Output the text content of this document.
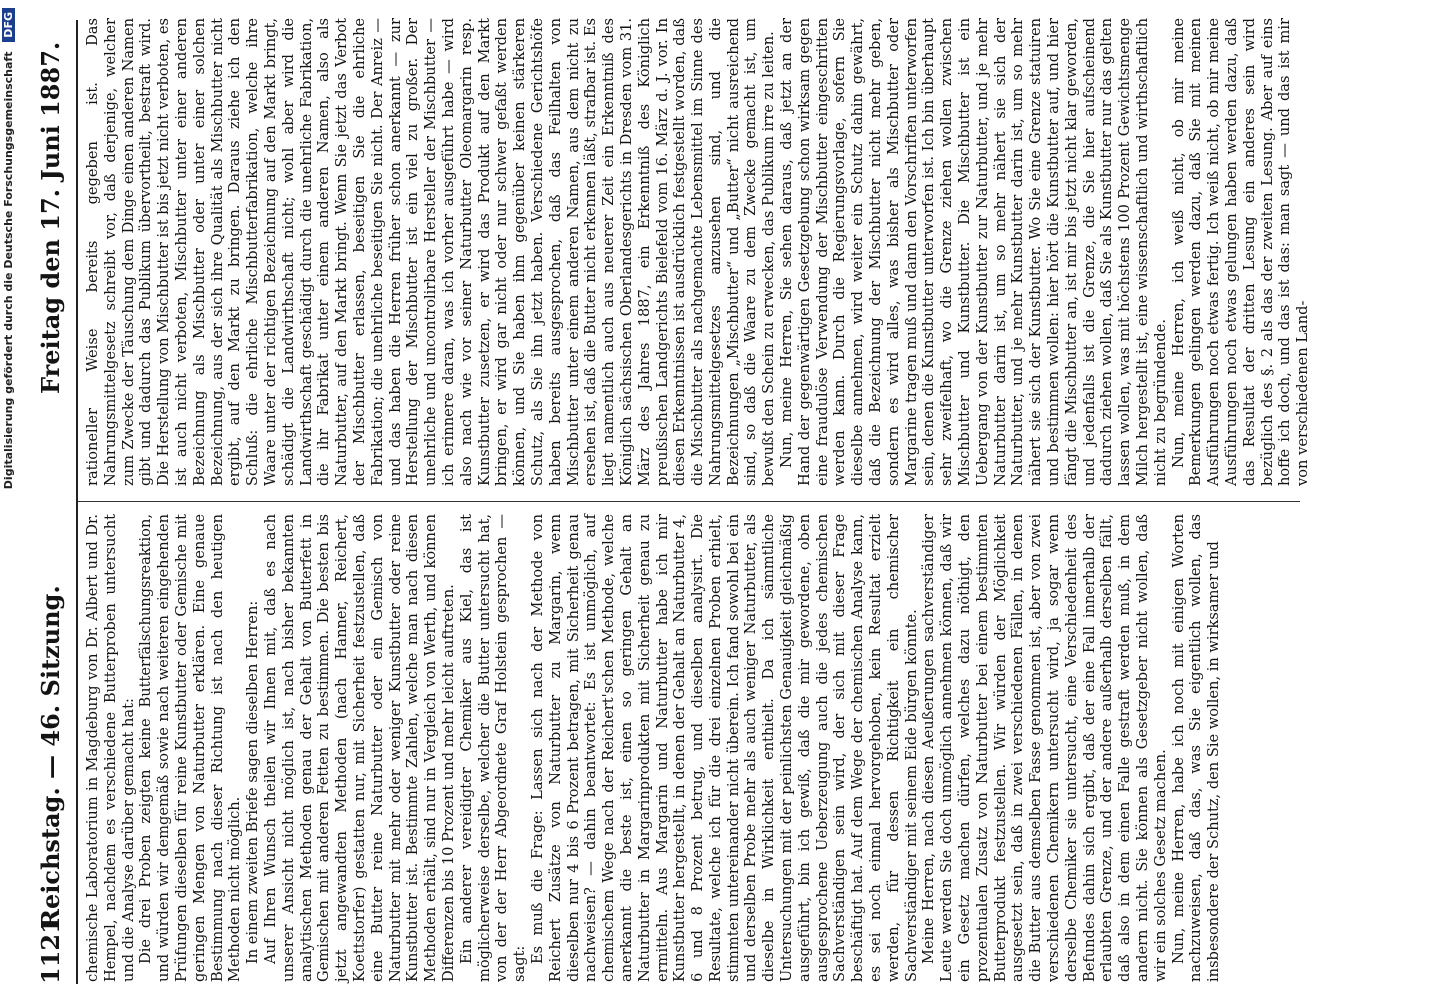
1121
Reichstag. — 46. Sitzung.
Freitag den 17. Juni 1887.

chemische Laboratorium in Magdeburg von Dr. Albert und Dr. Hempel, nachdem es verschiedene Butterproben untersucht und die Analyse darüber gemacht hat: Die drei Proben zeigten keine Butterfälschungsreaktion, und würden wir demgemäß sowie nach weiteren eingehenden Prüfungen dieselben für reine Kunstbutter oder Gemische mit geringen Mengen von Naturbutter erklären. Eine genaue Bestimmung nach dieser Richtung ist nach den heutigen Methoden nicht möglich. In einem zweiten Briefe sagen dieselben Herren: Auf Ihren Wunsch theilen wir Ihnen mit, daß es nach unserer Ansicht nicht möglich ist, nach bisher bekannten analytischen Methoden genau der Gehalt von Butterfett in Gemischen mit anderen Fetten zu bestimmen. Die besten bis jetzt angewandten Methoden (nach Hanner, Reichert, Koettstorfer) gestatten nur, mit Sicherheit festzustellen, daß eine Butter reine Naturbutter oder ein Gemisch von Naturbutter mit mehr oder weniger Kunstbutter oder reine Kunstbutter ist. Bestimmte Zahlen, welche man nach diesen Methoden erhält, sind nur in Vergleich von Werth, und können Differenzen bis 10 Prozent und mehr leicht auftreten. Ein anderer vereidigter Chemiker aus Kiel, das ist möglicherweise derselbe, welcher die Butter untersucht hat, von der der Herr Abgeordnete Graf Holstein gesprochen — sagt: Es muß die Frage: Lassen sich nach der Methode von Reichert Zusätze von Naturbutter zu Margarin, wenn dieselben nur 4 bis 6 Prozent betragen, mit Sicherheit genau nachweisen? — dahin beantwortet: Es ist unmöglich, auf chemischem Wege nach der Reichert'schen Methode, welche anerkannt die beste ist, einen so geringen Gehalt an Naturbutter in Margarinprodukten mit Sicherheit genau zu ermitteln. Aus Margarin und Naturbutter habe ich mir Kunstbutter hergestellt, in denen der Gehalt an Naturbutter 4, 6 und 8 Prozent betrug, und dieselben analysirt. Die Resultate, welche ich für die drei einzelnen Proben erhielt, stimmten untereinander nicht überein. Ich fand sowohl bei ein und derselben Probe mehr als auch weniger Naturbutter, als dieselbe in Wirklichkeit enthielt. Da ich sämmtliche Untersuchungen mit der peinlichsten Genauigkeit gleichmäßig ausgeführt, bin ich gewiß, daß die mir gewordene, oben ausgesprochene Ueberzeugung auch die jedes chemischen Sachverständigen sein wird, der sich mit dieser Frage beschäftigt hat. Auf dem Wege der chemischen Analyse kann, es sei noch einmal hervorgehoben, kein Resultat erzielt werden, für dessen Richtigkeit ein chemischer Sachverständiger mit seinem Eide bürgen könnte. Meine Herren, nach diesen Aeußerungen sachverständiger Leute werden Sie doch unmöglich annehmen können, daß wir ein Gesetz machen dürfen, welches dazu nöthigt, den prozentualen Zusatz von Naturbutter bei einem bestimmten Butterprodukt festzustellen. Wir würden der Möglichkeit ausgesetzt sein, daß in zwei verschiedenen Fällen, in denen die Butter aus demselben Fasse genommen ist, aber von zwei verschiedenen Chemikern untersucht wird, ja sogar wenn derselbe Chemiker sie untersucht, eine Verschiedenheit des Befundes dahin sich ergibt, daß der eine Fall innerhalb der erlaubten Grenze, und der andere außerhalb derselben fällt, daß also in dem einen Falle gestraft werden muß, in dem andern nicht. Sie können als Gesetzgeber nicht wollen, daß wir ein solches Gesetz machen. Nun, meine Herren, habe ich noch mit einigen Worten nachzuweisen, daß das, was Sie eigentlich wollen, das insbesondere der Schutz, den Sie wollen, in wirksamer und

rationeller Weise bereits gegeben ist. Das Nahrungsmittelgesetz schreibt vor, daß derjenige, welcher zum Zwecke der Täuschung dem Dinge einen anderen Namen gibt und dadurch das Publikum übervortheilt, bestraft wird. Die Herstellung von Mischbutter ist bis jetzt nicht verboten, es ist auch nicht verboten, Mischbutter unter einer anderen Bezeichnung als Mischbutter oder unter einer solchen Bezeichnung, aus der sich ihre Qualität als Mischbutter nicht ergibt, auf den Markt zu bringen. Daraus ziehe ich den Schluß: die ehrliche Mischbutterfabrikation, welche ihre Waare unter der richtigen Bezeichnung auf den Markt bringt, schädigt die Landwirthschaft nicht; wohl aber wird die Landwirthschaft geschädigt durch die unehrliche Fabrikation, die ihr Fabrikat unter einem anderen Namen, also als Naturbutter, auf den Markt bringt. Wenn Sie jetzt das Verbot der Mischbutter erlassen, beseitigen Sie die ehrliche Fabrikation; die unehrliche beseitigen Sie nicht. Der Anreiz — und das haben die Herren früher schon anerkannt — zur Herstellung der Mischbutter ist ein viel zu großer. Der unehrliche und uncontrolirbare Hersteller der Mischbutter — ich erinnere daran, was ich vorher ausgeführt habe — wird also nach wie vor seiner Naturbutter Oleomargarin resp. Kunstbutter zusetzen, er wird das Produkt auf den Markt bringen, er wird gar nicht oder nur schwer gefaßt werden können, und Sie haben ihm gegenüber keinen stärkeren Schutz, als Sie ihn jetzt haben. Verschiedene Gerichtshöfe haben bereits ausgesprochen, daß das Feilhalten von Mischbutter unter einem anderen Namen, aus dem nicht zu ersehen ist, daß die Butter nicht erkennen läßt, strafbar ist. Es liegt namentlich auch aus neuerer Zeit ein Erkenntniß des Königlich sächsischen Oberlandesgerichts in Dresden vom 31. März des Jahres 1887, ein Erkenntniß des Königlich preußischen Landgerichts Bielefeld vom 16. März d. J. vor. In diesen Erkenntnissen ist ausdrücklich festgestellt worden, daß die Mischbutter als nachgemachte Lebensmittel im Sinne des Nahrungsmittelgesetzes anzusehen sind, und die Bezeichnungen „Mischbutter“ und „Butter“ nicht ausreichend sind, so daß die Waare zu dem Zwecke gemacht ist, um bewußt den Schein zu erwecken, das Publikum irre zu leiten. Nun, meine Herren, Sie sehen daraus, daß jetzt an der Hand der gegenwärtigen Gesetzgebung schon wirksam gegen eine fraudulöse Verwendung der Mischbutter eingeschritten werden kann. Durch die Regierungsvorlage, sofern Sie dieselbe annehmen, wird weiter ein Schutz dahin gewährt, daß die Bezeichnung der Mischbutter nicht mehr geben, sondern es wird alles, was bisher als Mischbutter oder Margarine tragen muß und dann den Vorschriften unterworfen sein, denen die Kunstbutter unterworfen ist. Ich bin überhaupt sehr zweifelhaft, wo die Grenze ziehen wollen zwischen Mischbutter und Kunstbutter. Die Mischbutter ist ein Uebergang von der Kunstbutter zur Naturbutter, und je mehr Naturbutter darin ist, um so mehr nähert sie sich der Naturbutter, und je mehr Kunstbutter darin ist, um so mehr nähert sie sich der Kunstbutter. Wo Sie eine Grenze statuiren und bestimmen wollen: hier hört die Kunstbutter auf, und hier fängt die Mischbutter an, ist mir bis jetzt nicht klar geworden, und jedenfalls ist die Grenze, die Sie hier aufscheinend dadurch ziehen wollen, daß Sie als Kunstbutter nur das gelten lassen wollen, was mit höchstens 100 Prozent Gewichtsmenge Milch hergestellt ist, eine wissenschaftlich und wirthschaftlich nicht zu begründende. Nun, meine Herren, ich weiß nicht, ob mir meine Bemerkungen gelingen werden dazu, daß Sie mit meinen Ausführungen noch etwas fertig. Ich weiß nicht, ob mir meine Ausführungen noch etwas gelungen haben werden dazu, daß das Resultat der dritten Lesung ein anderes sein wird bezüglich des §. 2 als das der zweiten Lesung. Aber auf eins hoffe ich doch, und das ist das: man sagt — und das ist mir von verschiedenen Land-

Digitalisierung gefördert durch die Deutsche Forschungsgemeinschaft DFG
